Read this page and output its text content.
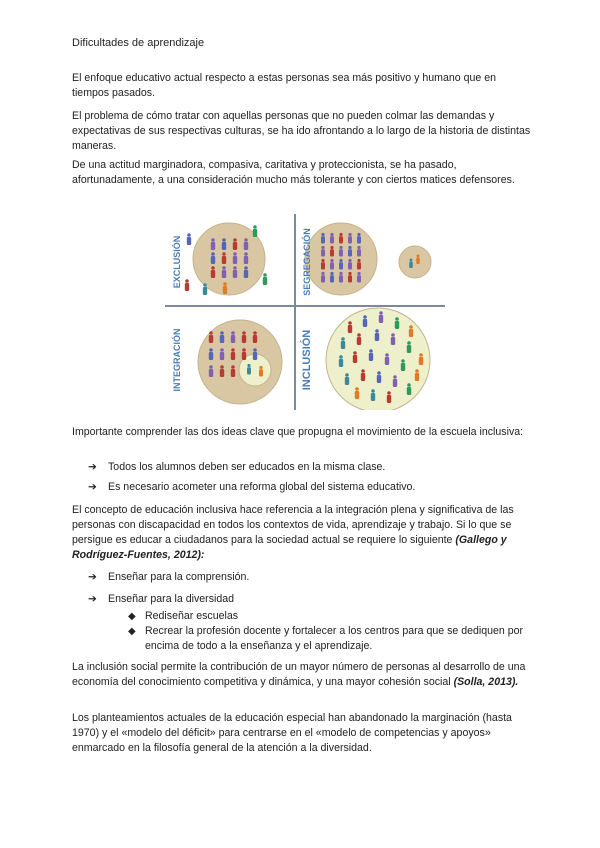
Dificultades de aprendizaje

El enfoque educativo actual respecto a estas personas sea más positivo y humano que en tiempos pasados.

El problema de cómo tratar con aquellas personas que no pueden colmar las demandas y expectativas de sus respectivas culturas, se ha ido afrontando a lo largo de la historia de distintas maneras.

De una actitud marginadora, compasiva, caritativa y proteccionista, se ha pasado, afortunadamente, a una consideración mucho más tolerante y con ciertos matices defensores.

EXCLUSIÓN	SEGREGACIÓN
INTEGRACIÓN	INCLUSIÓN

Importante comprender las dos ideas clave que propugna el movimiento de la escuela inclusiva:

➔ Todos los alumnos deben ser educados en la misma clase.
➔ Es necesario acometer una reforma global del sistema educativo.

El concepto de educación inclusiva hace referencia a la integración plena y significativa de las personas con discapacidad en todos los contextos de vida, aprendizaje y trabajo. Si lo que se persigue es educar a ciudadanos para la sociedad actual se requiere lo siguiente (Gallego y Rodríguez-Fuentes, 2012):

➔ Enseñar para la comprensión.
➔ Enseñar para la diversidad
◆ Rediseñar escuelas
◆ Recrear la profesión docente y fortalecer a los centros para que se dediquen por encima de todo a la enseñanza y el aprendizaje.

La inclusión social permite la contribución de un mayor número de personas al desarrollo de una economía del conocimiento competitiva y dinámica, y una mayor cohesión social (Solla, 2013).

Los planteamientos actuales de la educación especial han abandonado la marginación (hasta 1970) y el «modelo del déficit» para centrarse en el «modelo de competencias y apoyos» enmarcado en la filosofía general de la atención a la diversidad.
